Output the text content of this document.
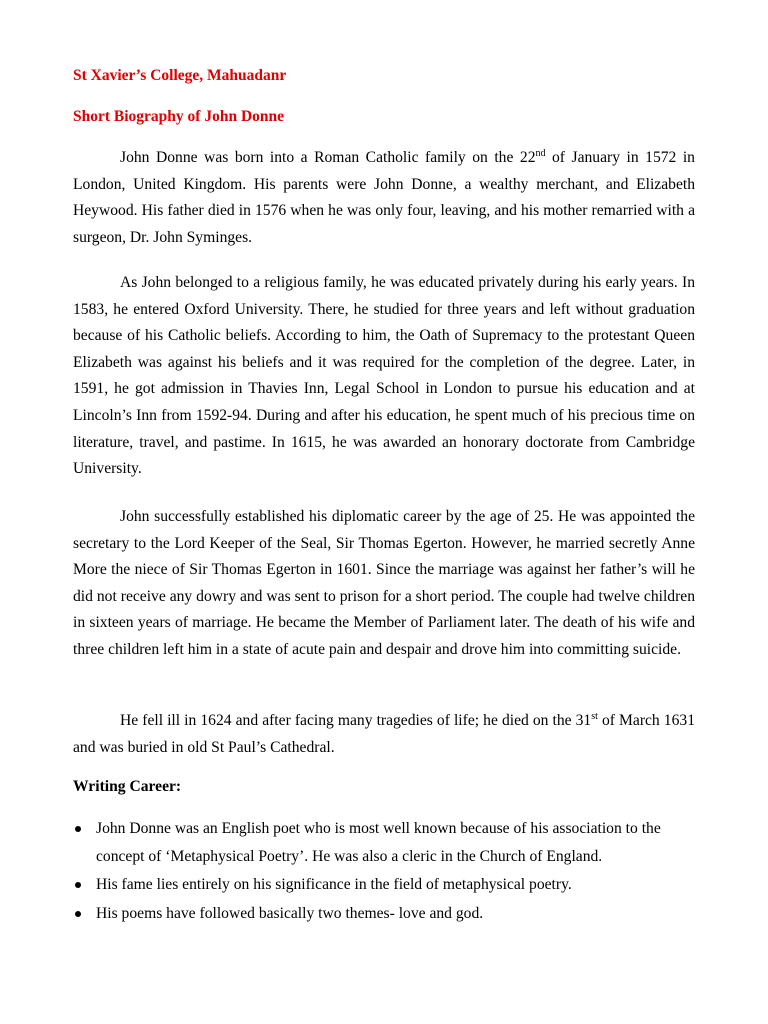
St Xavier’s College, Mahuadanr
Short Biography of John Donne

John Donne was born into a Roman Catholic family on the 22nd of January in 1572 in London, United Kingdom. His parents were John Donne, a wealthy merchant, and Elizabeth Heywood. His father died in 1576 when he was only four, leaving, and his mother remarried with a surgeon, Dr. John Syminges.

As John belonged to a religious family, he was educated privately during his early years. In 1583, he entered Oxford University. There, he studied for three years and left without graduation because of his Catholic beliefs. According to him, the Oath of Supremacy to the protestant Queen Elizabeth was against his beliefs and it was required for the completion of the degree. Later, in 1591, he got admission in Thavies Inn, Legal School in London to pursue his education and at Lincoln’s Inn from 1592-94. During and after his education, he spent much of his precious time on literature, travel, and pastime. In 1615, he was awarded an honorary doctorate from Cambridge University.

John successfully established his diplomatic career by the age of 25. He was appointed the secretary to the Lord Keeper of the Seal, Sir Thomas Egerton. However, he married secretly Anne More the niece of Sir Thomas Egerton in 1601. Since the marriage was against her father’s will he did not receive any dowry and was sent to prison for a short period. The couple had twelve children in sixteen years of marriage. He became the Member of Parliament later. The death of his wife and three children left him in a state of acute pain and despair and drove him into committing suicide.

He fell ill in 1624 and after facing many tragedies of life; he died on the 31st of March 1631 and was buried in old St Paul’s Cathedral.

Writing Career:
John Donne was an English poet who is most well known because of his association to the concept of ‘Metaphysical Poetry’. He was also a cleric in the Church of England.
His fame lies entirely on his significance in the field of metaphysical poetry.
His poems have followed basically two themes- love and god.
